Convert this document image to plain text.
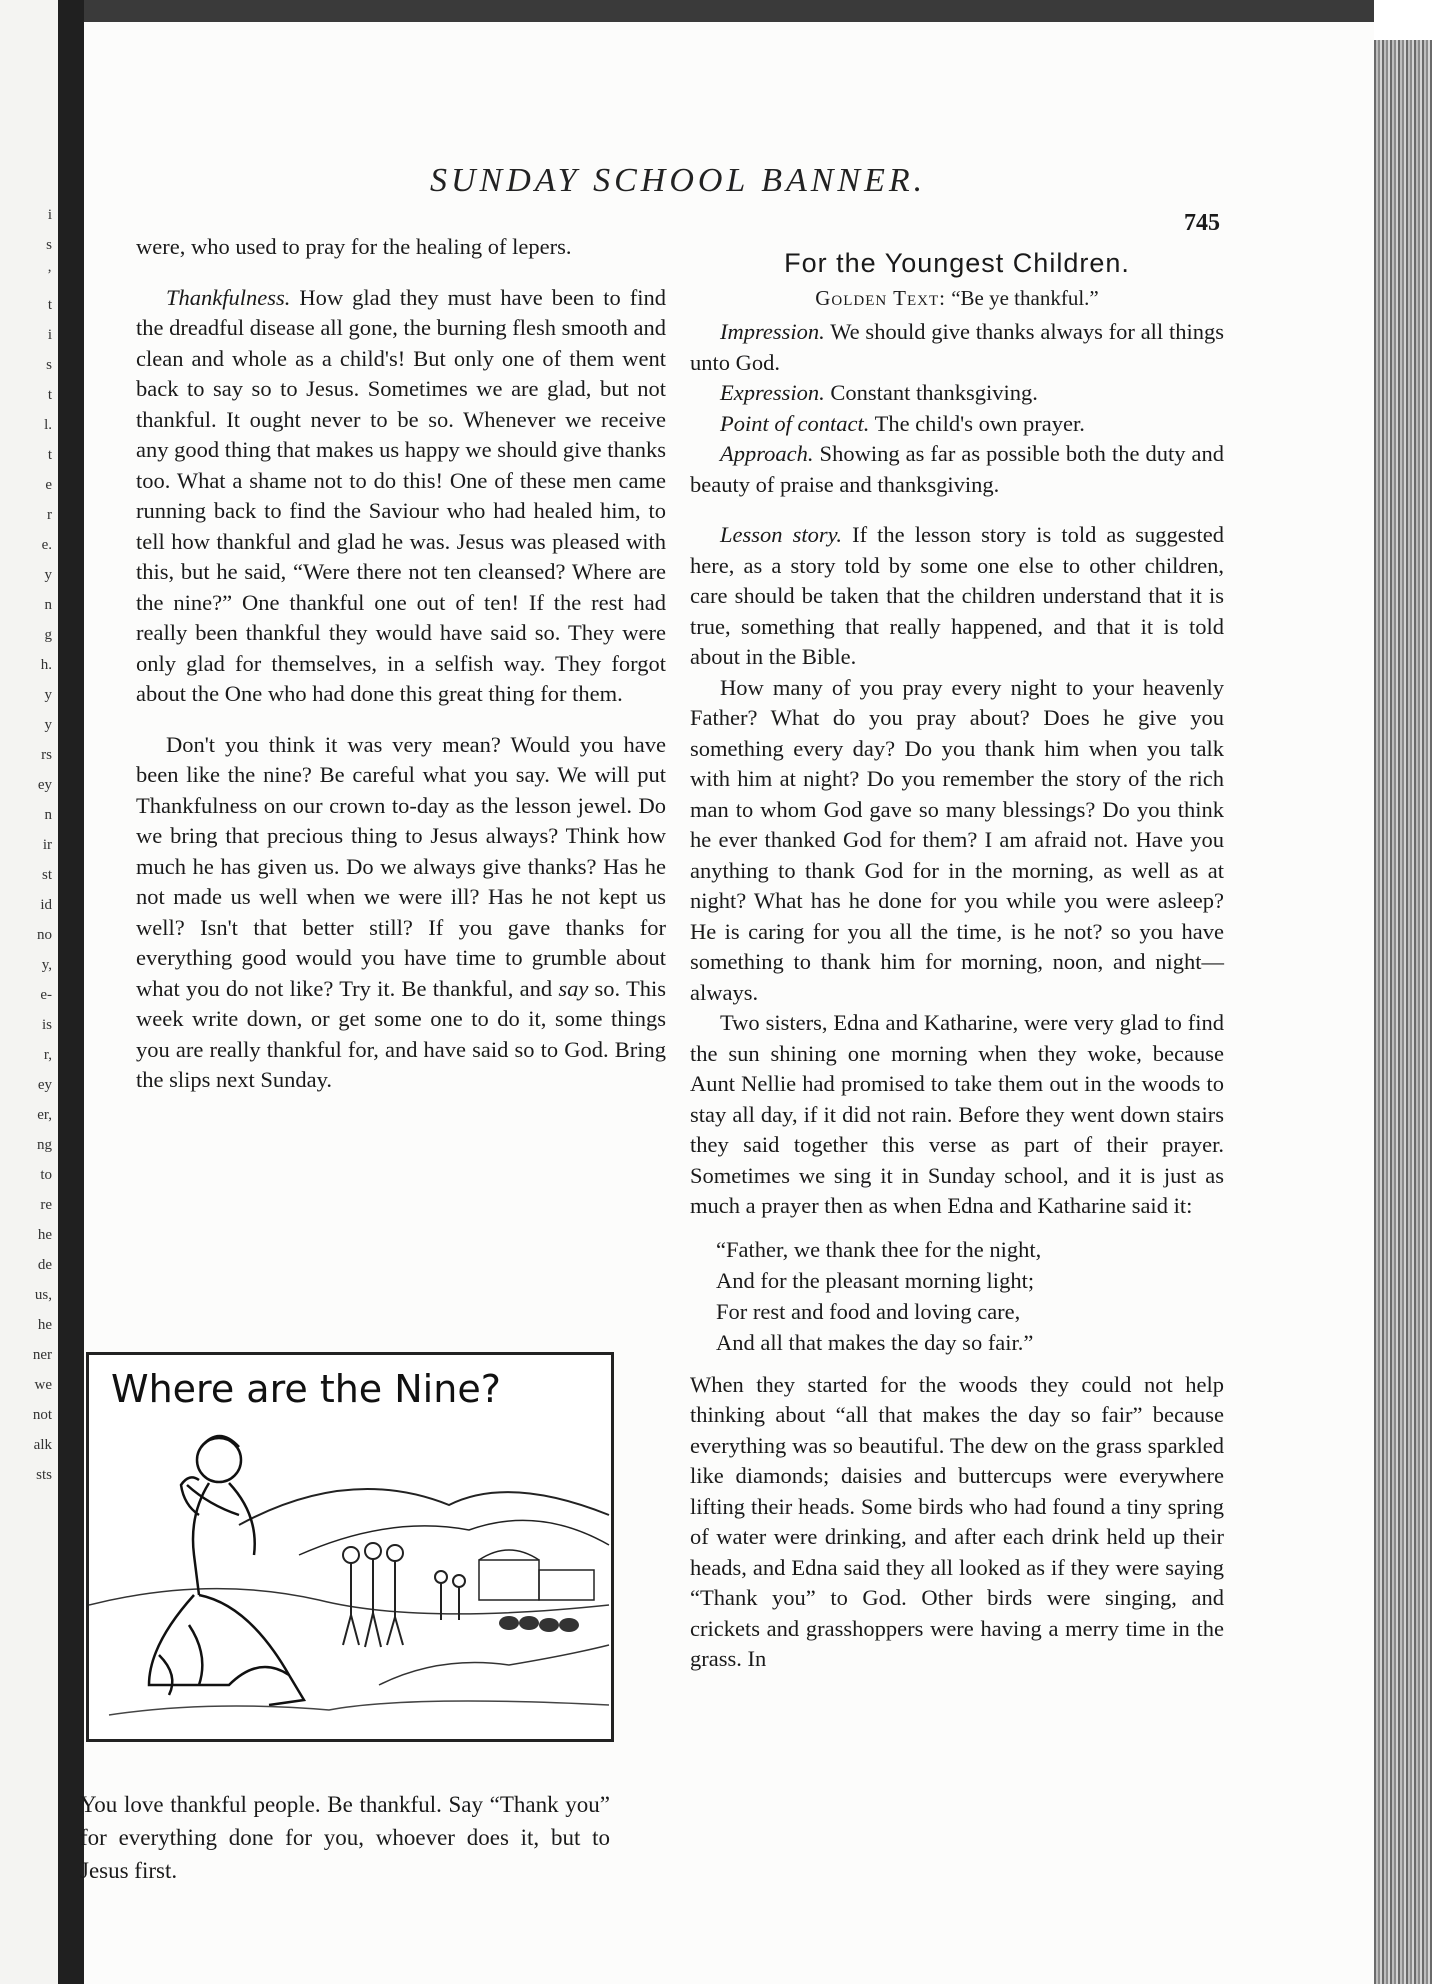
i
s
’
t
i
s
t
l.
t
e
r
e.
y
n
g
h.
y
y
rs
ey
n
ir
st
id
no
y,
e-
is
r,
ey
er,
ng
to
re
he
de
us,
he
ner
we
not
alk
sts
SUNDAY SCHOOL BANNER.
745

were, who used to pray for the healing of lepers.

Thankfulness. How glad they must have been to find the dreadful disease all gone, the burning flesh smooth and clean and whole as a child's! But only one of them went back to say so to Jesus. Sometimes we are glad, but not thankful. It ought never to be so. Whenever we receive any good thing that makes us happy we should give thanks too. What a shame not to do this! One of these men came running back to find the Saviour who had healed him, to tell how thankful and glad he was. Jesus was pleased with this, but he said, “Were there not ten cleansed? Where are the nine?” One thankful one out of ten! If the rest had really been thankful they would have said so. They were only glad for themselves, in a selfish way. They forgot about the One who had done this great thing for them.

Don't you think it was very mean? Would you have been like the nine? Be careful what you say. We will put Thankfulness on our crown to-day as the lesson jewel. Do we bring that precious thing to Jesus always? Think how much he has given us. Do we always give thanks? Has he not made us well when we were ill? Has he not kept us well? Isn't that better still? If you gave thanks for everything good would you have time to grumble about what you do not like? Try it. Be thankful, and say so. This week write down, or get some one to do it, some things you are really thankful for, and have said so to God. Bring the slips next Sunday.

Where are the Nine?

You love thankful people. Be thankful. Say “Thank you” for everything done for you, whoever does it, but to Jesus first.

For the Youngest Children.
Golden Text: “Be ye thankful.”

Impression. We should give thanks always for all things unto God.

Expression. Constant thanksgiving.

Point of contact. The child's own prayer.

Approach. Showing as far as possible both the duty and beauty of praise and thanksgiving.

Lesson story. If the lesson story is told as suggested here, as a story told by some one else to other children, care should be taken that the children understand that it is true, something that really happened, and that it is told about in the Bible.

How many of you pray every night to your heavenly Father? What do you pray about? Does he give you something every day? Do you thank him when you talk with him at night? Do you remember the story of the rich man to whom God gave so many blessings? Do you think he ever thanked God for them? I am afraid not. Have you anything to thank God for in the morning, as well as at night? What has he done for you while you were asleep? He is caring for you all the time, is he not? so you have something to thank him for morning, noon, and night—always.

Two sisters, Edna and Katharine, were very glad to find the sun shining one morning when they woke, because Aunt Nellie had promised to take them out in the woods to stay all day, if it did not rain. Before they went down stairs they said together this verse as part of their prayer. Sometimes we sing it in Sunday school, and it is just as much a prayer then as when Edna and Katharine said it:

“Father, we thank thee for the night,
And for the pleasant morning light;
For rest and food and loving care,
And all that makes the day so fair.”

When they started for the woods they could not help thinking about “all that makes the day so fair” because everything was so beautiful. The dew on the grass sparkled like diamonds; daisies and buttercups were everywhere lifting their heads. Some birds who had found a tiny spring of water were drinking, and after each drink held up their heads, and Edna said they all looked as if they were saying “Thank you” to God. Other birds were singing, and crickets and grasshoppers were having a merry time in the grass. In
